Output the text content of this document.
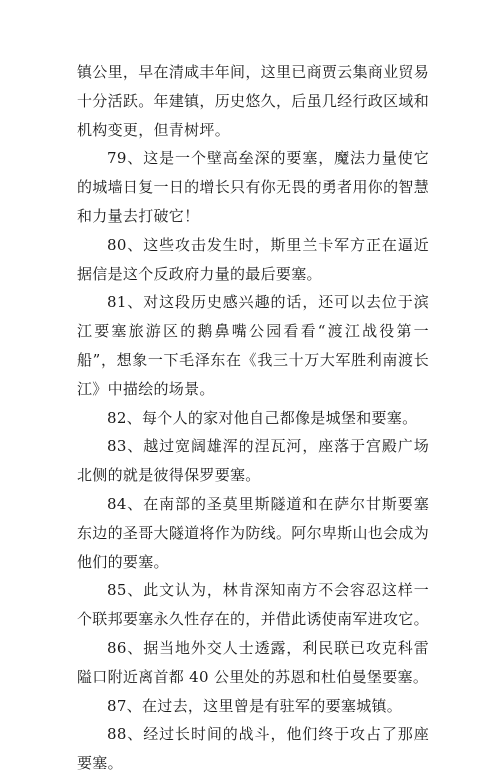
镇公里，早在清咸丰年间，这里已商贾云集商业贸易十分活跃。年建镇，历史悠久，后虽几经行政区域和机构变更，但青树坪。

79、这是一个壁高垒深的要塞，魔法力量使它的城墙日复一日的增长只有你无畏的勇者用你的智慧和力量去打破它！

80、这些攻击发生时，斯里兰卡军方正在逼近据信是这个反政府力量的最后要塞。

81、对这段历史感兴趣的话，还可以去位于滨江要塞旅游区的鹅鼻嘴公园看看“渡江战役第一船”，想象一下毛泽东在《我三十万大军胜利南渡长江》中描绘的场景。

82、每个人的家对他自己都像是城堡和要塞。

83、越过宽阔雄浑的涅瓦河，座落于宫殿广场北侧的就是彼得保罗要塞。

84、在南部的圣莫里斯隧道和在萨尔甘斯要塞东边的圣哥大隧道将作为防线。阿尔卑斯山也会成为他们的要塞。

85、此文认为，林肯深知南方不会容忍这样一个联邦要塞永久性存在的，并借此诱使南军进攻它。

86、据当地外交人士透露，利民联已攻克科雷隘口附近离首都 40 公里处的苏恩和杜伯曼堡要塞。

87、在过去，这里曾是有驻军的要塞城镇。

88、经过长时间的战斗，他们终于攻占了那座要塞。
